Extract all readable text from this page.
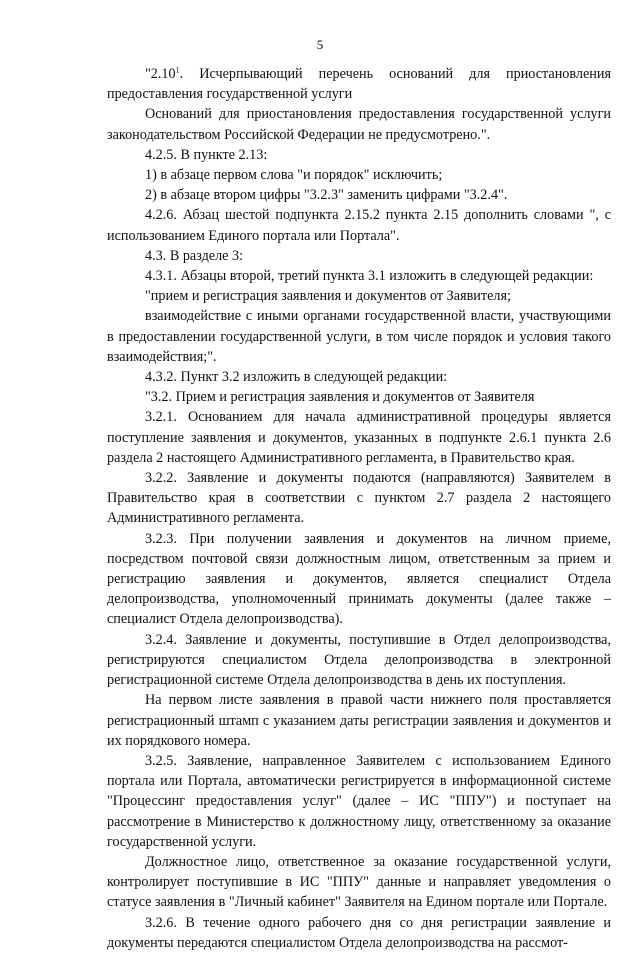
5

"2.10$^1$. Исчерпывающий перечень оснований для приостановления предоставления государственной услуги

Оснований для приостановления предоставления государственной услуги законодательством Российской Федерации не предусмотрено.".

4.2.5. В пункте 2.13:

1) в абзаце первом слова "и порядок" исключить;

2) в абзаце втором цифры "3.2.3" заменить цифрами "3.2.4".

4.2.6. Абзац шестой подпункта 2.15.2 пункта 2.15 дополнить словами ", с использованием Единого портала или Портала".

4.3. В разделе 3:

4.3.1. Абзацы второй, третий пункта 3.1 изложить в следующей редакции:

"прием и регистрация заявления и документов от Заявителя;

взаимодействие с иными органами государственной власти, участвующими в предоставлении государственной услуги, в том числе порядок и условия такого взаимодействия;".

4.3.2. Пункт 3.2 изложить в следующей редакции:

"3.2. Прием и регистрация заявления и документов от Заявителя

3.2.1. Основанием для начала административной процедуры является поступление заявления и документов, указанных в подпункте 2.6.1 пункта 2.6 раздела 2 настоящего Административного регламента, в Правительство края.

3.2.2. Заявление и документы подаются (направляются) Заявителем в Правительство края в соответствии с пунктом 2.7 раздела 2 настоящего Административного регламента.

3.2.3. При получении заявления и документов на личном приеме, посредством почтовой связи должностным лицом, ответственным за прием и регистрацию заявления и документов, является специалист Отдела делопроизводства, уполномоченный принимать документы (далее также – специалист Отдела делопроизводства).

3.2.4. Заявление и документы, поступившие в Отдел делопроизводства, регистрируются специалистом Отдела делопроизводства в электронной регистрационной системе Отдела делопроизводства в день их поступления.

На первом листе заявления в правой части нижнего поля проставляется регистрационный штамп с указанием даты регистрации заявления и документов и их порядкового номера.

3.2.5. Заявление, направленное Заявителем с использованием Единого портала или Портала, автоматически регистрируется в информационной системе "Процессинг предоставления услуг" (далее – ИС "ППУ") и поступает на рассмотрение в Министерство к должностному лицу, ответственному за оказание государственной услуги.

Должностное лицо, ответственное за оказание государственной услуги, контролирует поступившие в ИС "ППУ" данные и направляет уведомления о статусе заявления в "Личный кабинет" Заявителя на Едином портале или Портале.

3.2.6. В течение одного рабочего дня со дня регистрации заявление и документы передаются специалистом Отдела делопроизводства на рассмот-
